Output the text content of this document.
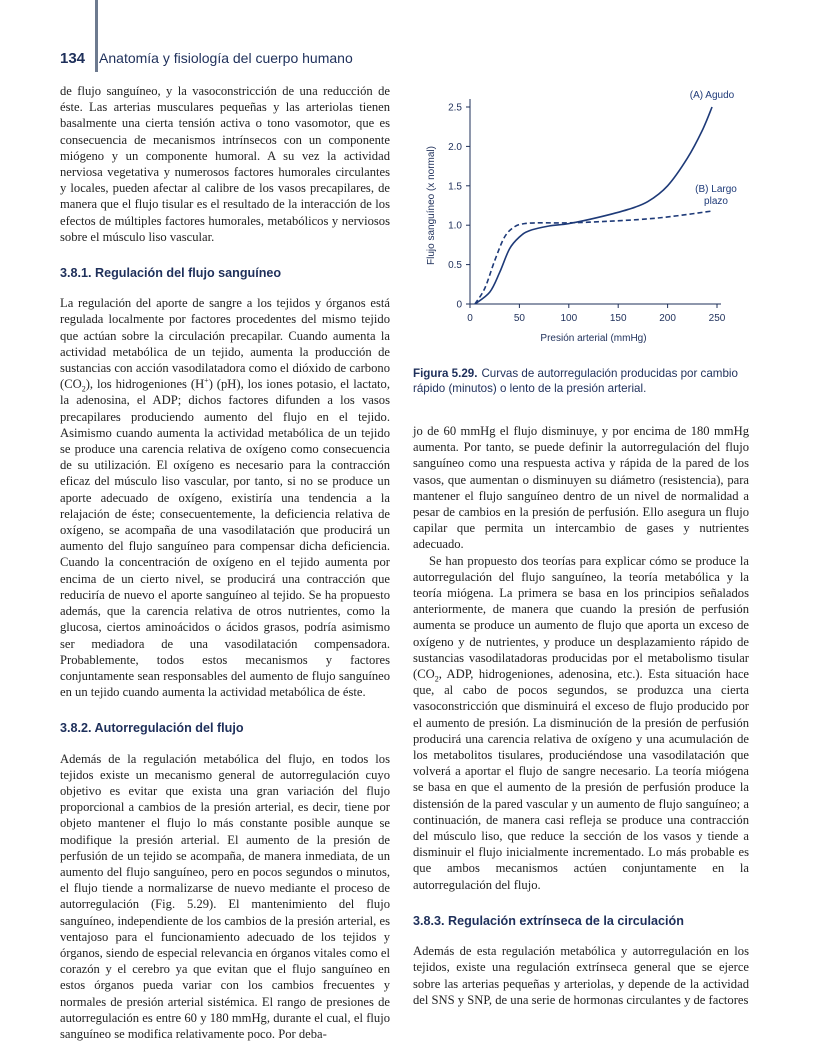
134 Anatomía y fisiología del cuerpo humano

de flujo sanguíneo, y la vasoconstricción de una reducción de éste. Las arterias musculares pequeñas y las arteriolas tienen basalmente una cierta tensión activa o tono vasomotor, que es consecuencia de mecanismos intrínsecos con un componente miógeno y un componente humoral. A su vez la actividad nerviosa vegetativa y numerosos factores humorales circulantes y locales, pueden afectar al calibre de los vasos precapilares, de manera que el flujo tisular es el resultado de la interacción de los efectos de múltiples factores humorales, metabólicos y nerviosos sobre el músculo liso vascular.

3.8.1. Regulación del flujo sanguíneo

La regulación del aporte de sangre a los tejidos y órganos está regulada localmente por factores procedentes del mismo tejido que actúan sobre la circulación precapilar. Cuando aumenta la actividad metabólica de un tejido, aumenta la producción de sustancias con acción vasodilatadora como el dióxido de carbono $(CO_2)$, los hidrogeniones (H+) (pH), los iones potasio, el lactato, la adenosina, el ADP; dichos factores difunden a los vasos precapilares produciendo aumento del flujo en el tejido. Asimismo cuando aumenta la actividad metabólica de un tejido se produce una carencia relativa de oxígeno como consecuencia de su utilización. El oxígeno es necesario para la contracción eficaz del músculo liso vascular, por tanto, si no se produce un aporte adecuado de oxígeno, existiría una tendencia a la relajación de éste; consecuentemente, la deficiencia relativa de oxígeno, se acompaña de una vasodilatación que producirá un aumento del flujo sanguíneo para compensar dicha deficiencia. Cuando la concentración de oxígeno en el tejido aumenta por encima de un cierto nivel, se producirá una contracción que reduciría de nuevo el aporte sanguíneo al tejido. Se ha propuesto además, que la carencia relativa de otros nutrientes, como la glucosa, ciertos aminoácidos o ácidos grasos, podría asimismo ser mediadora de una vasodilatación compensadora. Probablemente, todos estos mecanismos y factores conjuntamente sean responsables del aumento de flujo sanguíneo en un tejido cuando aumenta la actividad metabólica de éste.

3.8.2. Autorregulación del flujo

Además de la regulación metabólica del flujo, en todos los tejidos existe un mecanismo general de autorregulación cuyo objetivo es evitar que exista una gran variación del flujo proporcional a cambios de la presión arterial, es decir, tiene por objeto mantener el flujo lo más constante posible aunque se modifique la presión arterial. El aumento de la presión de perfusión de un tejido se acompaña, de manera inmediata, de un aumento del flujo sanguíneo, pero en pocos segundos o minutos, el flujo tiende a normalizarse de nuevo mediante el proceso de autorregulación (Fig. 5.29). El mantenimiento del flujo sanguíneo, independiente de los cambios de la presión arterial, es ventajoso para el funcionamiento adecuado de los tejidos y órganos, siendo de especial relevancia en órganos vitales como el corazón y el cerebro ya que evitan que el flujo sanguíneo en estos órganos pueda variar con los cambios frecuentes y normales de presión arterial sistémica. El rango de presiones de autorregulación es entre 60 y 180 mmHg, durante el cual, el flujo sanguíneo se modifica relativamente poco. Por deba-

0
0.5
1.0
1.5
2.0
2.5
0	50	100	150	200	250
Presión arterial (mmHg)
Flujo sanguíneo (x normal)
(A) Agudo
(B) Largo
plazo
Figura 5.29. Curvas de autorregulación producidas por cambio rápido (minutos) o lento de la presión arterial.

jo de 60 mmHg el flujo disminuye, y por encima de 180 mmHg aumenta. Por tanto, se puede definir la autorregulación del flujo sanguíneo como una respuesta activa y rápida de la pared de los vasos, que aumentan o disminuyen su diámetro (resistencia), para mantener el flujo sanguíneo dentro de un nivel de normalidad a pesar de cambios en la presión de perfusión. Ello asegura un flujo capilar que permita un intercambio de gases y nutrientes adecuado.

Se han propuesto dos teorías para explicar cómo se produce la autorregulación del flujo sanguíneo, la teoría metabólica y la teoría miógena. La primera se basa en los principios señalados anteriormente, de manera que cuando la presión de perfusión aumenta se produce un aumento de flujo que aporta un exceso de oxígeno y de nutrientes, y produce un desplazamiento rápido de sustancias vasodilatadoras producidas por el metabolismo tisular ($CO_2$, ADP, hidrogeniones, adenosina, etc.). Esta situación hace que, al cabo de pocos segundos, se produzca una cierta vasoconstricción que disminuirá el exceso de flujo producido por el aumento de presión. La disminución de la presión de perfusión producirá una carencia relativa de oxígeno y una acumulación de los metabolitos tisulares, produciéndose una vasodilatación que volverá a aportar el flujo de sangre necesario. La teoría miógena se basa en que el aumento de la presión de perfusión produce la distensión de la pared vascular y un aumento de flujo sanguíneo; a continuación, de manera casi refleja se produce una contracción del músculo liso, que reduce la sección de los vasos y tiende a disminuir el flujo inicialmente incrementado. Lo más probable es que ambos mecanismos actúen conjuntamente en la autorregulación del flujo.

3.8.3. Regulación extrínseca de la circulación

Además de esta regulación metabólica y autorregulación en los tejidos, existe una regulación extrínseca general que se ejerce sobre las arterias pequeñas y arteriolas, y depende de la actividad del SNS y SNP, de una serie de hormonas circulantes y de factores
